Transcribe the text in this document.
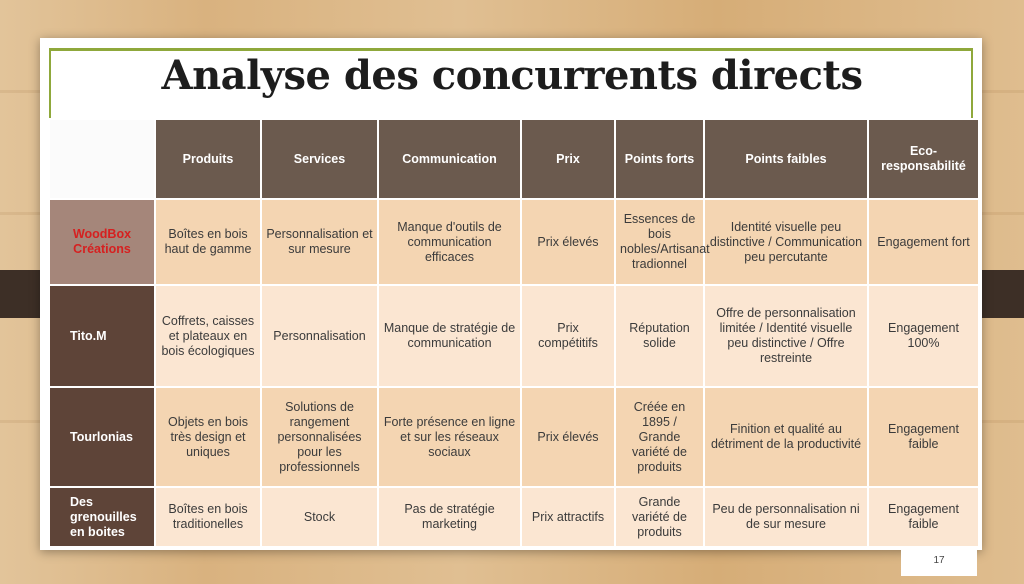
Analyse des concurrents directs
	Produits	Services	Communication	Prix	Points forts	Points faibles	Eco-responsabilité
WoodBox Créations	Boîtes en bois haut de gamme	Personnalisation et sur mesure	Manque d'outils de communication efficaces	Prix élevés	Essences de bois nobles/Artisanat tradionnel	Identité visuelle peu distinctive / Communication peu percutante	Engagement fort
Tito.M	Coffrets, caisses et plateaux en bois écologiques	Personnalisation	Manque de stratégie de communication	Prix compétitifs	Réputation solide	Offre de personnalisation limitée / Identité visuelle peu distinctive / Offre restreinte	Engagement 100%
Tourlonias	Objets en bois très design et uniques	Solutions de rangement personnalisées pour les professionnels	Forte présence en ligne et sur les réseaux sociaux	Prix élevés	Créée en 1895 / Grande variété de produits	Finition et qualité au détriment de la productivité	Engagement faible
Des grenouilles en boites	Boîtes en bois traditionelles	Stock	Pas de stratégie marketing	Prix attractifs	Grande variété de produits	Peu de personnalisation ni de sur mesure	Engagement faible
17
